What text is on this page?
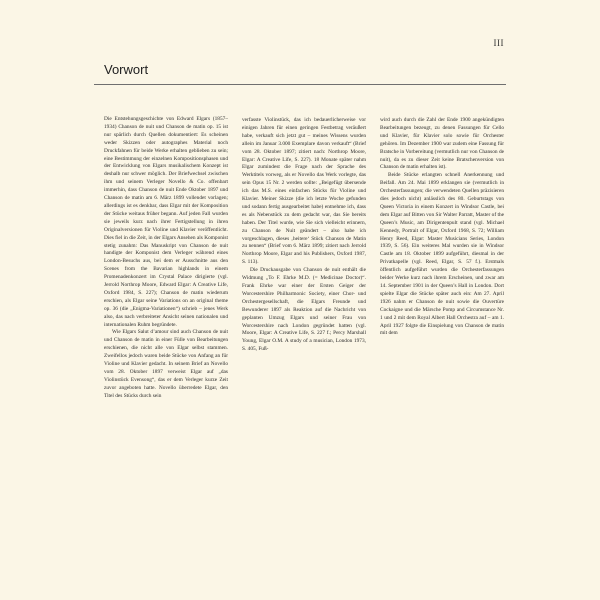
III
Vorwort

Die Entstehungsgeschichte von Edward Elgars (1857–1934) Chanson de nuit und Chanson de matin op. 15 ist nur spärlich durch Quellen dokumentiert: Es scheinen weder Skizzen oder autographes Material noch Druckfahnen für beide Werke erhalten geblieben zu sein; eine Bestimmung der einzelnen Kompositionsphasen und der Entwicklung von Elgars musikalischem Konzept ist deshalb nur schwer möglich. Der Briefwechsel zwischen ihm und seinem Verleger Novello & Co. offenbart immerhin, dass Chanson de nuit Ende Oktober 1897 und Chanson de matin am 6. März 1899 vollendet vorlagen; allerdings ist es denkbar, dass Elgar mit der Komposition der Stücke weitaus früher begann. Auf jeden Fall wurden sie jeweils kurz nach ihrer Fertigstellung in ihren Originalversionen für Violine und Klavier veröffentlicht. Dies fiel in die Zeit, in der Elgars Ansehen als Komponist stetig zunahm: Das Manuskript von Chanson de nuit handigte der Komponist dem Verleger während eines London-Besuchs aus, bei dem er Ausschnitte aus den Scenes from the Bavarian highlands in einem Promenadenkonzert im Crystal Palace dirigierte (vgl. Jerrold Northrop Moore, Edward Elgar: A Creative Life, Oxford 1984, S. 227); Chanson de matin wiederum erschien, als Elgar seine Variations on an original theme op. 36 (die „Enigma-Variationen“) schrieb – jenes Werk also, das nach verbreiteter Ansicht seinen nationalen und internationalen Ruhm begründete.

Wie Elgars Salut d’amour sind auch Chanson de nuit und Chanson de matin in einer Fülle von Bearbeitungen erschienen, die nicht alle von Elgar selbst stammen. Zweifellos jedoch waren beide Stücke von Anfang an für Violine und Klavier gedacht. In seinem Brief an Novello vom 28. Oktober 1897 verweist Elgar auf „das Violinstück Evensong“, das er dem Verleger kurze Zeit zuvor angeboten hatte. Novello überredete Elgar, den Titel des Stücks durch sein

verfasste Violinstück, das ich bedauerlicherweise vor einigen Jahren für einen geringen Festbetrag veräußert habe, verkauft sich jetzt gut – meines Wissens wurden allein im Januar 3.000 Exemplare davon verkauft“ (Brief vom 28. Oktober 1897; zitiert nach: Northrop Moore, Elgar: A Creative Life, S. 227). 18 Monate später nahm Elgar zumindest die Frage nach der Sprache des Werktitels vorweg, als er Novello das Werk vorlegte, das sein Opus 15 Nr. 2 werden sollte: „Beigefügt übersende ich das M.S. eines einfachen Stücks für Violine und Klavier. Meiner Skizze (die ich letzte Woche gefunden und sodann fertig ausgearbeitet habe) entnehme ich, dass es als Nebenstück zu dem gedacht war, das Sie bereits haben. Der Titel wurde, wie Sie sich vielleicht erinnern, zu Chanson de Nuit geändert – also habe ich vorgeschlagen, dieses ‚heitere‘ Stück Chanson de Matin zu nennen“ (Brief vom 6. März 1899; zitiert nach Jerrold Northrop Moore, Elgar and his Publishers, Oxford 1987, S. 113).

Die Druckausgabe von Chanson de nuit enthält die Widmung „To F. Ehrke M.D. (= Medicinae Doctor)“. Frank Ehrke war einer der Ersten Geiger der Worcestershire Philharmonic Society, einer Chor- und Orchestergesellschaft, die Elgars Freunde und Bewunderer 1897 als Reaktion auf die Nachricht von geplanten Umzug Elgars und seiner Frau von Worcestershire nach London gegründet hatten (vgl. Moore, Elgar: A Creative Life, S. 227 f.; Percy Marshall Young, Elgar O.M. A study of a musician, London 1973, S. 405, Fuß-

wird auch durch die Zahl der Ende 1900 angekündigten Bearbeitungen bezeugt, zu denen Fassungen für Cello und Klavier, für Klavier solo sowie für Orchester gehören. Im Dezember 1900 war zudem eine Fassung für Bratsche in Vorbereitung (vermutlich nur von Chanson de nuit), da es zu dieser Zeit keine Bratschenversion von Chanson de matin erhalten ist).

Beide Stücke erlangten schnell Anerkennung und Beifall. Am 24. Mai 1899 erklangen sie (vermutlich in Orchesterfassungen; die verwendeten Quellen präzisieren dies jedoch nicht) anlässlich des 80. Geburtstags von Queen Victoria in einem Konzert in Windsor Castle, bei dem Elgar auf Bitten von Sir Walter Parratt, Master of the Queen’s Music, am Dirigentenpult stand (vgl. Michael Kennedy, Portrait of Elgar, Oxford 1968, S. 72; William Henry Reed, Elgar: Master Musicians Series, London 1939, S. 56). Ein weiteres Mal wurden sie in Windsor Castle am 18. Oktober 1899 aufgeführt, diesmal in der Privatkapelle (vgl. Reed, Elgar, S. 57 f.). Erstmals öffentlich aufgeführt wurden die Orchesterfassungen beider Werke kurz nach ihrem Erscheinen, und zwar am 14. September 1901 in der Queen’s Hall in London. Dort spielte Elgar die Stücke später auch ein: Am 27. April 1926 nahm er Chanson de nuit sowie die Ouvertüre Cockaigne und die Märsche Pomp and Circumstance Nr. 1 und 2 mit dem Royal Albert Hall Orchestra auf – am 1. April 1927 folgte die Einspielung von Chanson de matin mit dem
